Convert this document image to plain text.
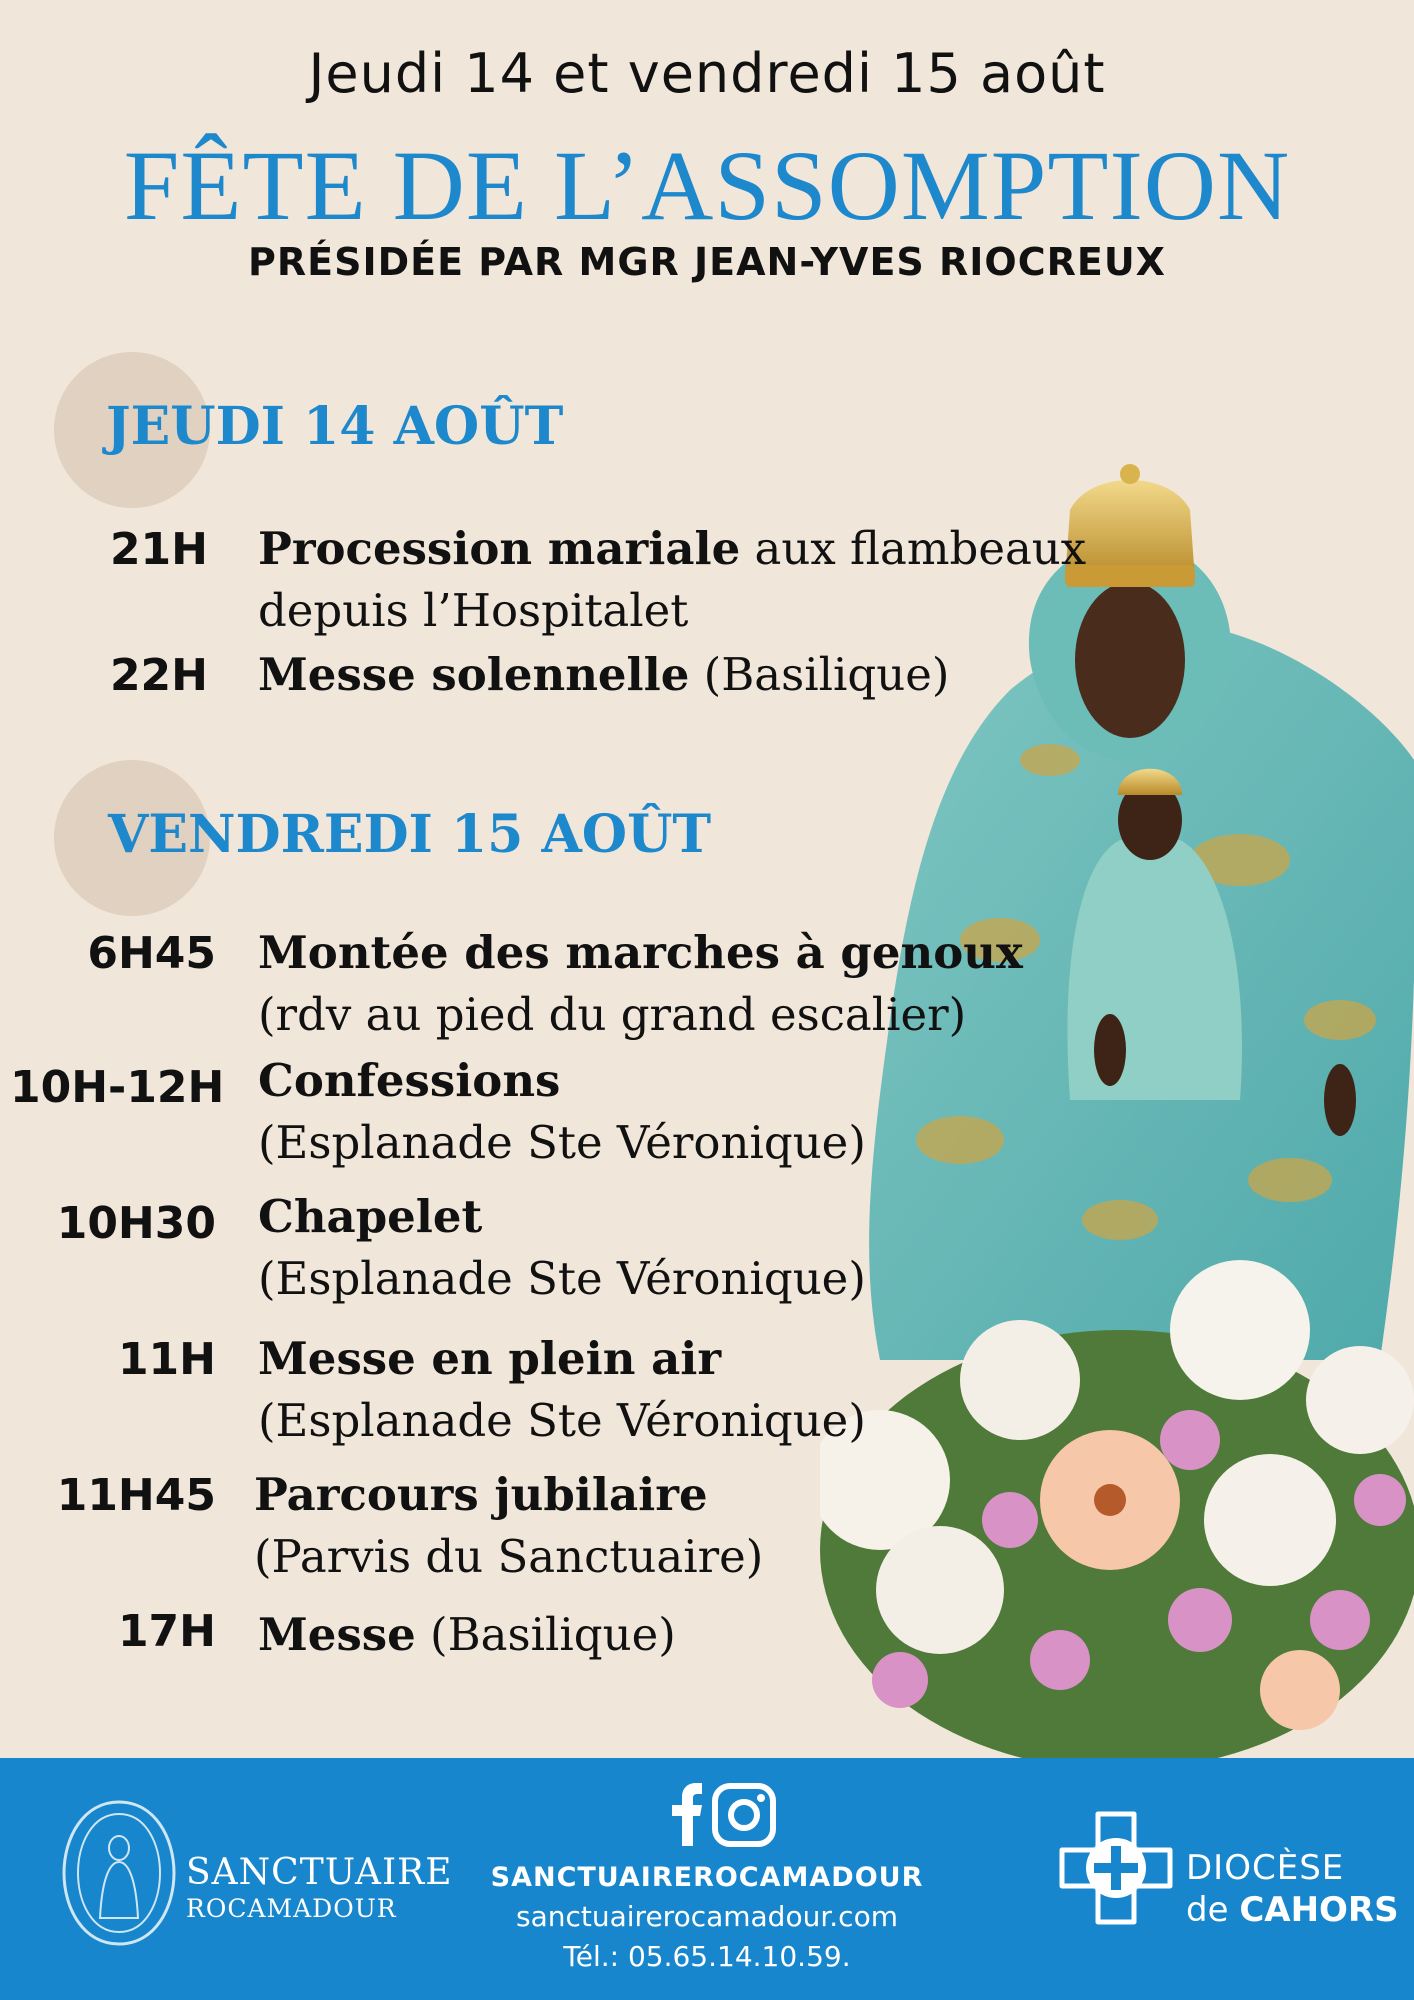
Jeudi 14 et vendredi 15 août
FÊTE DE L’ASSOMPTION
PRÉSIDÉE PAR MGR JEAN-YVES RIOCREUX
JEUDI 14 AOÛT
21H Procession mariale aux flambeaux
depuis l’Hospitalet
22H Messe solennelle (Basilique)
VENDREDI 15 AOÛT
6H45 Montée des marches à genoux
(rdv au pied du grand escalier)
10H-12H Confessions
(Esplanade Ste Véronique)
10H30 Chapelet
(Esplanade Ste Véronique)
11H Messe en plein air
(Esplanade Ste Véronique)
11H45 Parcours jubilaire
(Parvis du Sanctuaire)
17H Messe (Basilique)
SANCTUAIRE
ROCAMADOUR
SANCTUAIREROCAMADOUR
sanctuairerocamadour.com
Tél.: 05.65.14.10.59.
DIOCÈSE
de CAHORS
